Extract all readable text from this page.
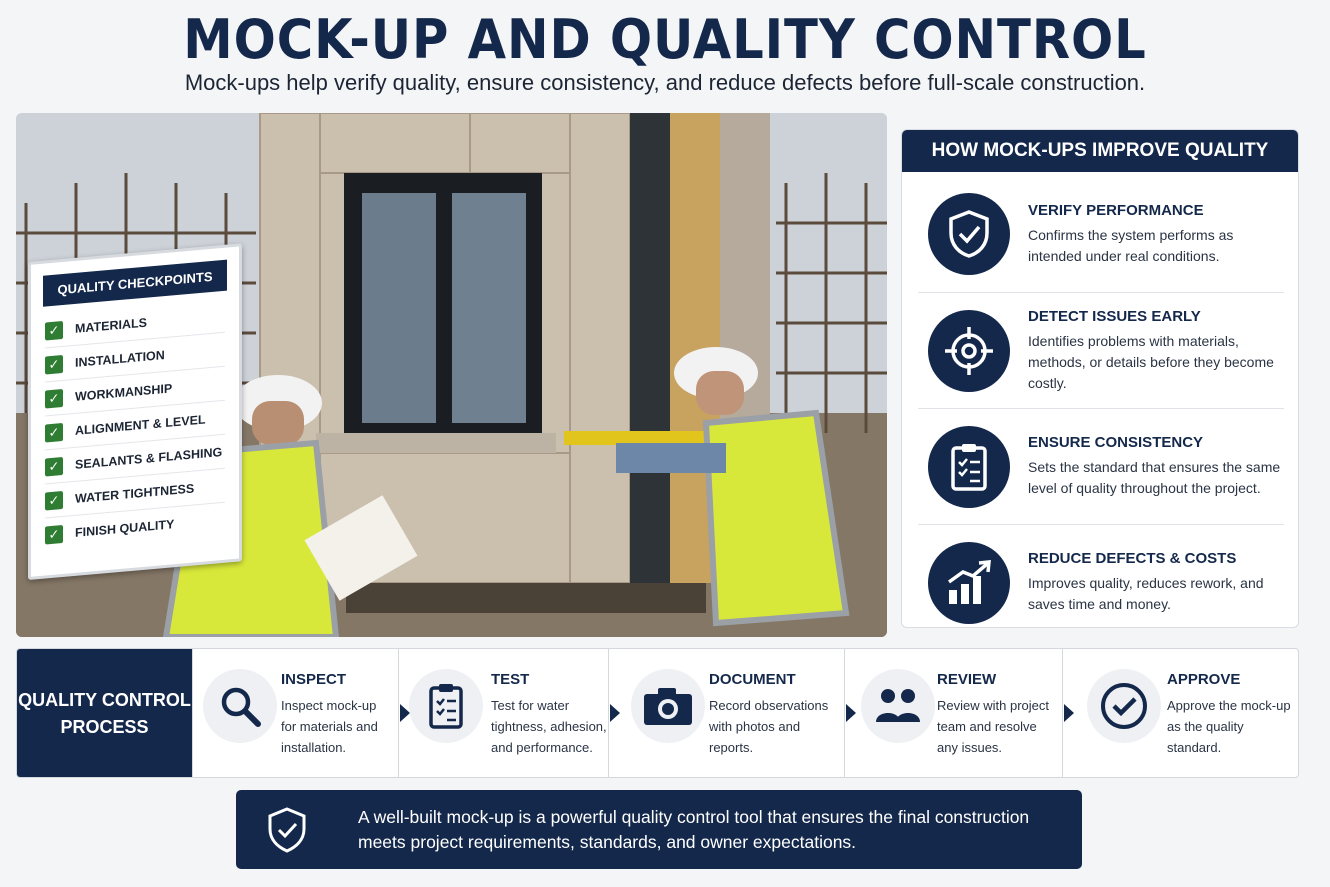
MOCK-UP AND QUALITY CONTROL
Mock-ups help verify quality, ensure consistency, and reduce defects before full-scale construction.
QUALITY CHECKPOINTS
✓ MATERIALS
✓ INSTALLATION
✓ WORKMANSHIP
✓ ALIGNMENT & LEVEL
✓ SEALANTS & FLASHING
✓ WATER TIGHTNESS
✓ FINISH QUALITY
HOW MOCK-UPS IMPROVE QUALITY
VERIFY PERFORMANCE
Confirms the system performs as intended under real conditions.
DETECT ISSUES EARLY
Identifies problems with materials, methods, or details before they become costly.
ENSURE CONSISTENCY
Sets the standard that ensures the same level of quality throughout the project.
REDUCE DEFECTS & COSTS
Improves quality, reduces rework, and saves time and money.
QUALITY CONTROL
PROCESS
INSPECT
Inspect mock-up for materials and installation.
TEST
Test for water tightness, adhesion, and performance.
DOCUMENT
Record observations with photos and reports.
REVIEW
Review with project team and resolve any issues.
APPROVE
Approve the mock-up as the quality standard.
A well-built mock-up is a powerful quality control tool that ensures the final construction meets project requirements, standards, and owner expectations.
